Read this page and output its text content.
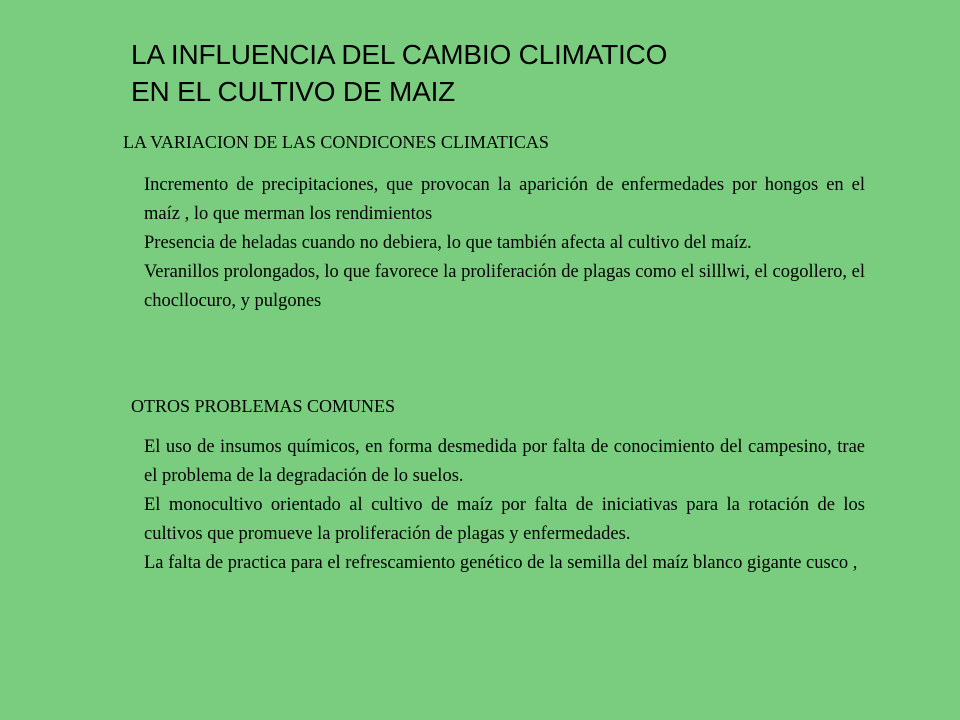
LA INFLUENCIA DEL CAMBIO CLIMATICO
EN EL CULTIVO DE MAIZ
LA VARIACION DE LAS CONDICONES CLIMATICAS

Incremento de precipitaciones, que provocan la aparición de enfermedades por hongos en el maíz , lo que merman los rendimientos

Presencia de heladas cuando no debiera, lo que también afecta al cultivo del maíz.

Veranillos prolongados, lo que favorece la proliferación de plagas como el silllwi, el cogollero, el chocllocuro, y pulgones

OTROS PROBLEMAS COMUNES

El uso de insumos químicos, en forma desmedida por falta de conocimiento del campesino, trae el problema de la degradación de lo suelos.

El monocultivo orientado al cultivo de maíz por falta de iniciativas para la rotación de los cultivos que promueve la proliferación de plagas y enfermedades.

La falta de practica para el refrescamiento genético de la semilla del maíz blanco gigante cusco ,
